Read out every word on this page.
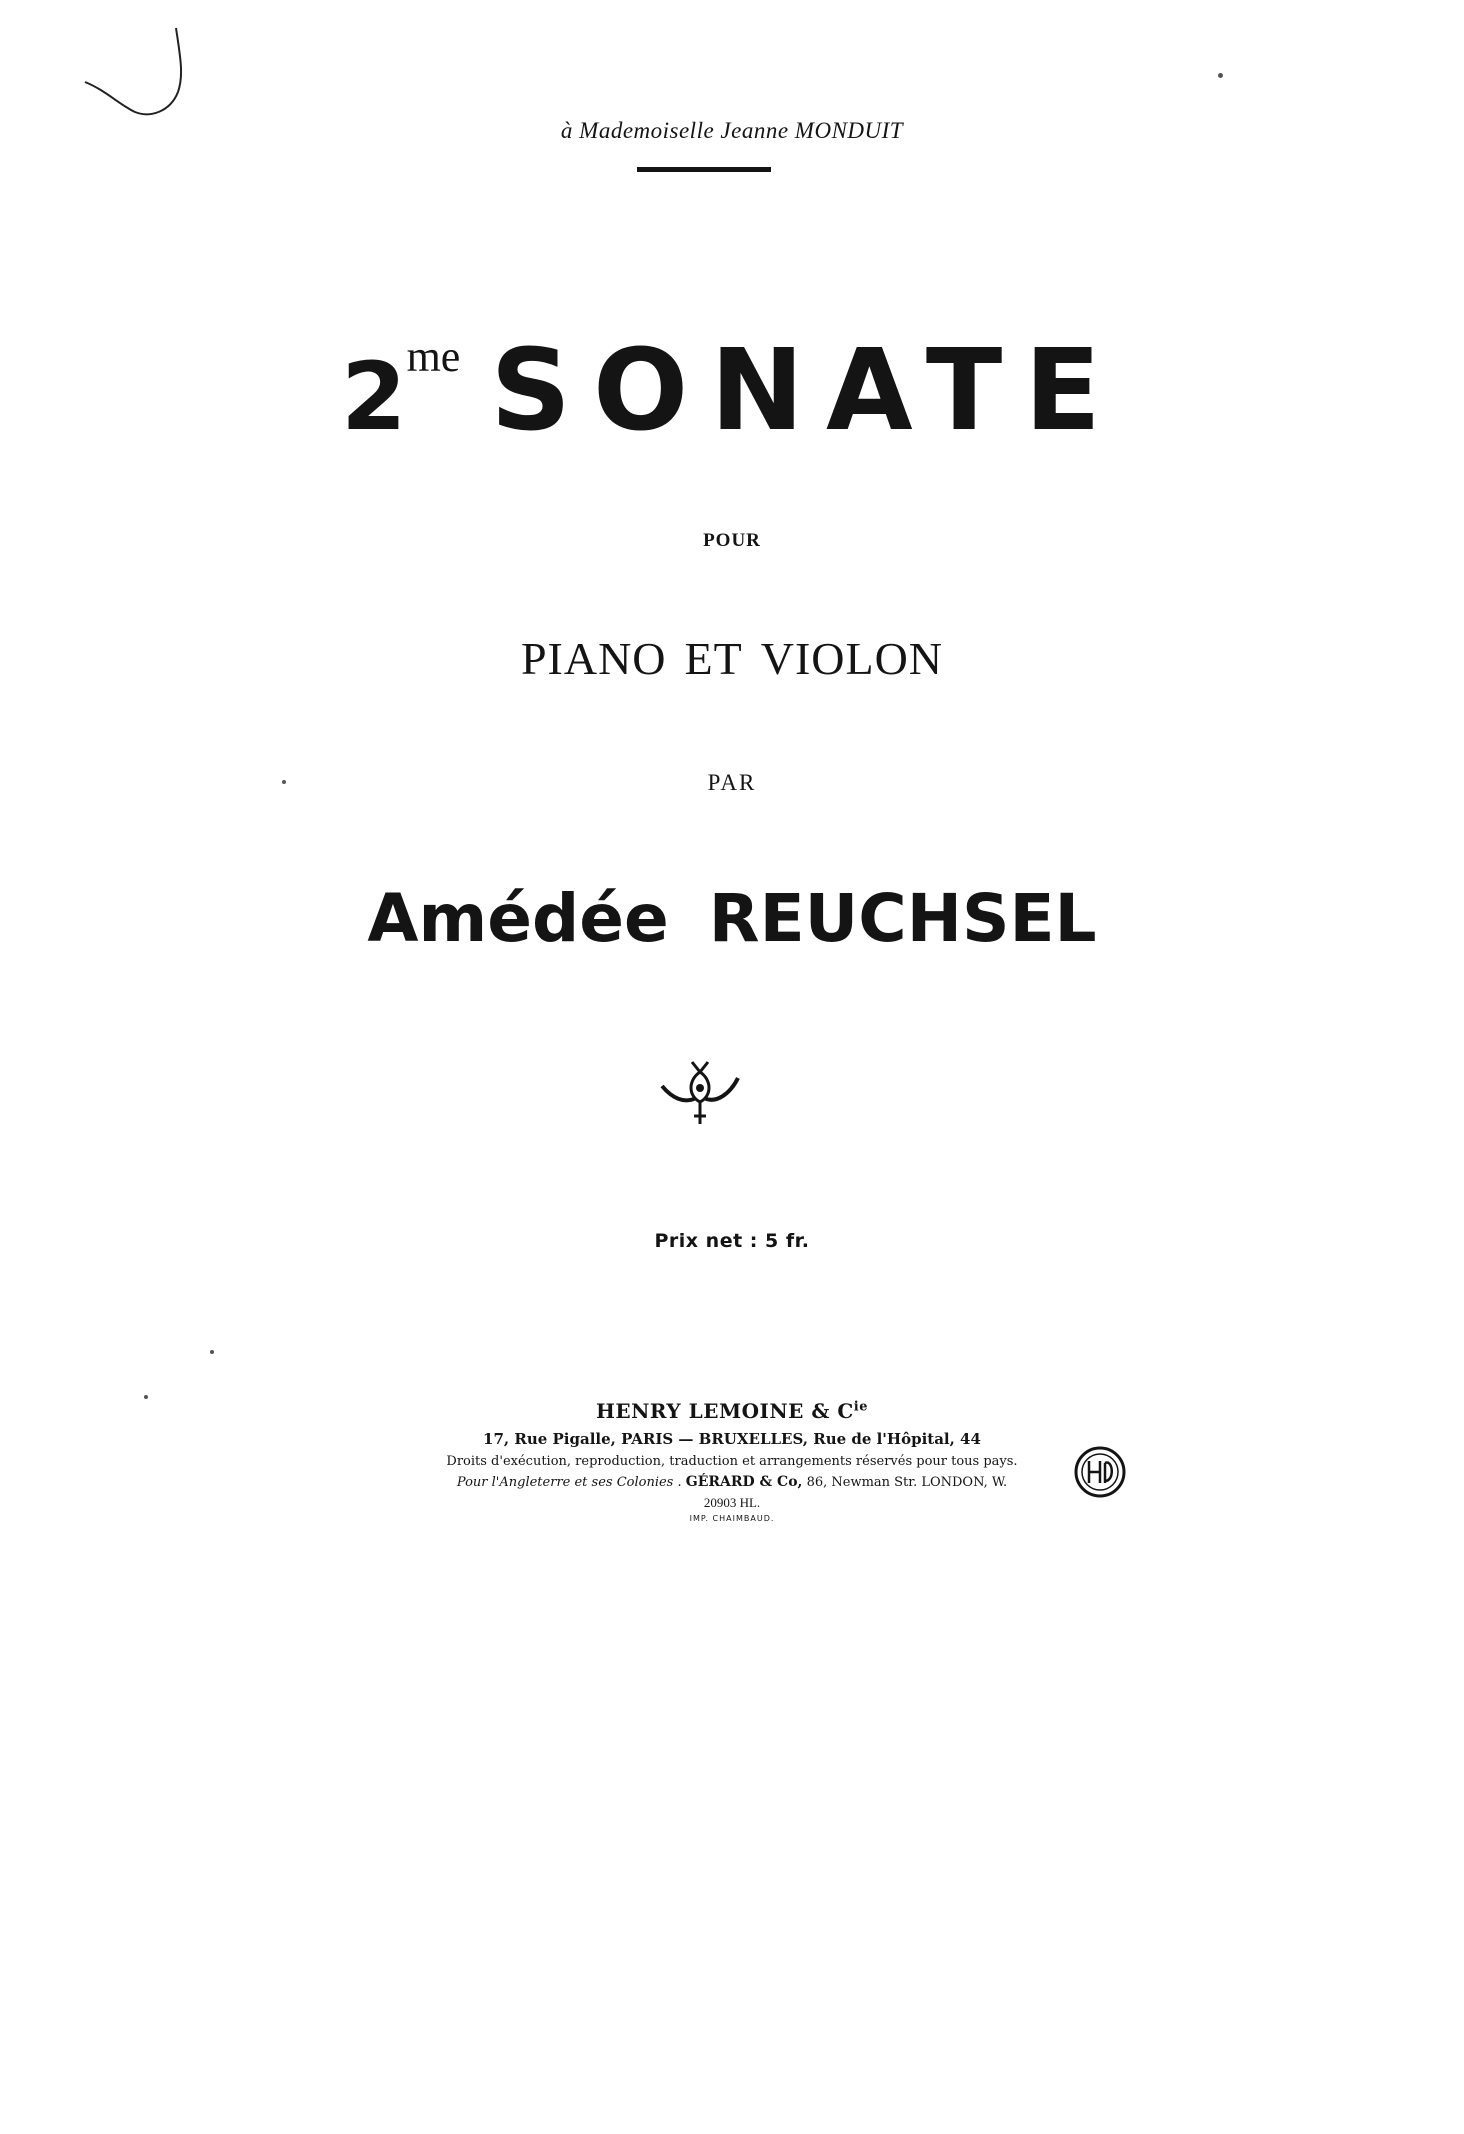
à Mademoiselle Jeanne MONDUIT
$2^{me}$ SONATE
POUR
PIANO ET VIOLON
PAR
Amédée REUCHSEL
Prix net : 5 fr.
HENRY LEMOINE & $C^{ie}$
17, Rue Pigalle, PARIS — BRUXELLES, Rue de l'Hôpital, 44
Droits d'exécution, reproduction, traduction et arrangements réservés pour tous pays.
Pour l'Angleterre et ses Colonies . GÉRARD & Co, 86, Newman Str. LONDON, W.
20903 HL.
IMP. CHAIMBAUD.
